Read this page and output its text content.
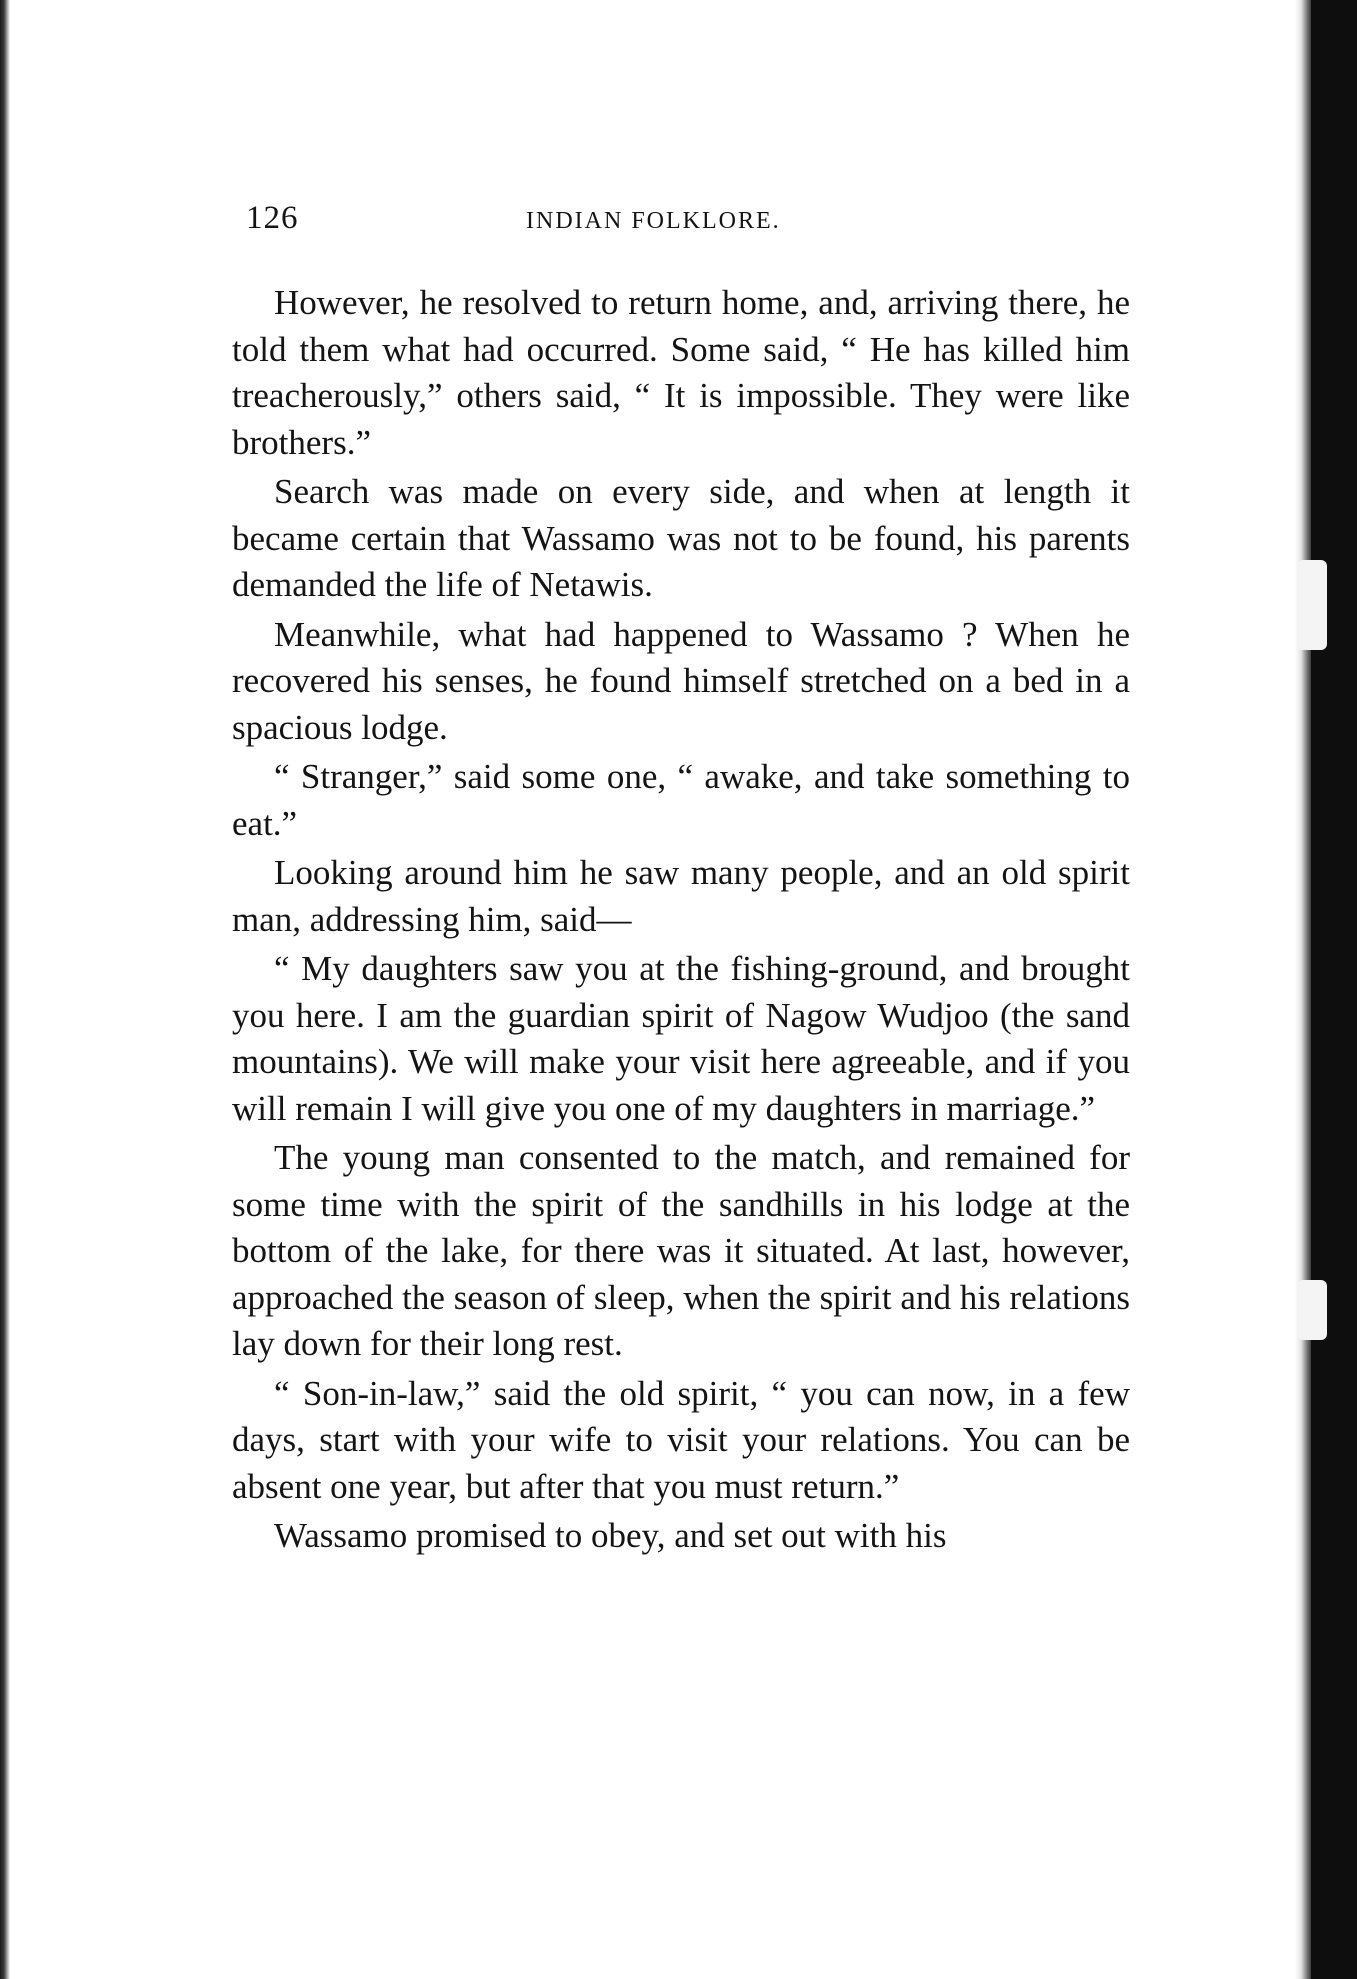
126	INDIAN FOLKLORE.

However, he resolved to return home, and, arriving there, he told them what had occurred. Some said, “ He has killed him treacherously,” others said, “ It is impossible. They were like brothers.”

Search was made on every side, and when at length it became certain that Wassamo was not to be found, his parents demanded the life of Netawis.

Meanwhile, what had happened to Wassamo ? When he recovered his senses, he found himself stretched on a bed in a spacious lodge.

“ Stranger,” said some one, “ awake, and take something to eat.”

Looking around him he saw many people, and an old spirit man, addressing him, said—

“ My daughters saw you at the fishing-ground, and brought you here. I am the guardian spirit of Nagow Wudjoo (the sand mountains). We will make your visit here agreeable, and if you will remain I will give you one of my daughters in marriage.”

The young man consented to the match, and remained for some time with the spirit of the sandhills in his lodge at the bottom of the lake, for there was it situated. At last, however, approached the season of sleep, when the spirit and his relations lay down for their long rest.

“ Son-in-law,” said the old spirit, “ you can now, in a few days, start with your wife to visit your relations. You can be absent one year, but after that you must return.”

Wassamo promised to obey, and set out with his
